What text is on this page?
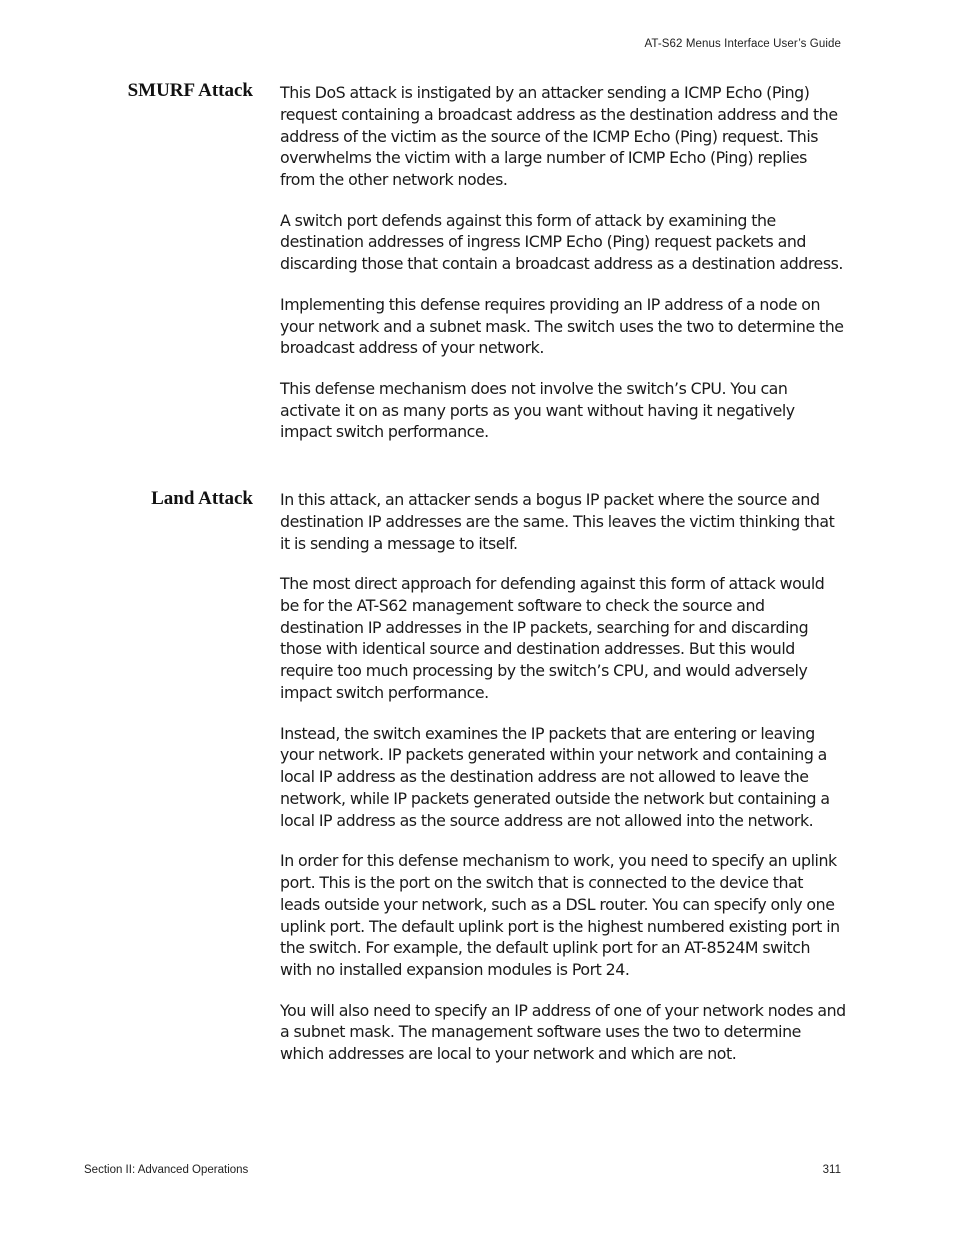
AT-S62 Menus Interface User’s Guide
SMURF Attack This DoS attack is instigated by an attacker sending a ICMP Echo (Ping) request containing a broadcast address as the destination address and the address of the victim as the source of the ICMP Echo (Ping) request. This overwhelms the victim with a large number of ICMP Echo (Ping) replies from the other network nodes.

A switch port defends against this form of attack by examining the destination addresses of ingress ICMP Echo (Ping) request packets and discarding those that contain a broadcast address as a destination address.

Implementing this defense requires providing an IP address of a node on your network and a subnet mask. The switch uses the two to determine the broadcast address of your network.

This defense mechanism does not involve the switch’s CPU. You can activate it on as many ports as you want without having it negatively impact switch performance.

Land Attack In this attack, an attacker sends a bogus IP packet where the source and destination IP addresses are the same. This leaves the victim thinking that it is sending a message to itself.

The most direct approach for defending against this form of attack would be for the AT-S62 management software to check the source and destination IP addresses in the IP packets, searching for and discarding those with identical source and destination addresses. But this would require too much processing by the switch’s CPU, and would adversely impact switch performance.

Instead, the switch examines the IP packets that are entering or leaving your network. IP packets generated within your network and containing a local IP address as the destination address are not allowed to leave the network, while IP packets generated outside the network but containing a local IP address as the source address are not allowed into the network.

In order for this defense mechanism to work, you need to specify an uplink port. This is the port on the switch that is connected to the device that leads outside your network, such as a DSL router. You can specify only one uplink port. The default uplink port is the highest numbered existing port in the switch. For example, the default uplink port for an AT-8524M switch with no installed expansion modules is Port 24.

You will also need to specify an IP address of one of your network nodes and a subnet mask. The management software uses the two to determine which addresses are local to your network and which are not.

Section II: Advanced Operations	311
